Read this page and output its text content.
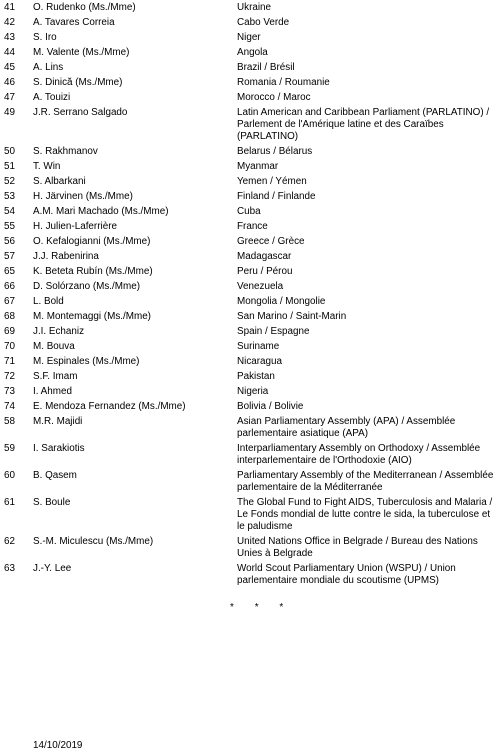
41	O. Rudenko (Ms./Mme)	Ukraine
42	A. Tavares Correia	Cabo Verde
43	S. Iro	Niger
44	M. Valente (Ms./Mme)	Angola
45	A. Lins	Brazil / Brésil
46	S. Dinică (Ms./Mme)	Romania / Roumanie
47	A. Touizi	Morocco / Maroc
49	J.R. Serrano Salgado	Latin American and Caribbean Parliament (PARLATINO) / Parlement de l'Amérique latine et des Caraïbes (PARLATINO)
50	S. Rakhmanov	Belarus / Bélarus
51	T. Win	Myanmar
52	S. Albarkani	Yemen / Yémen
53	H. Järvinen (Ms./Mme)	Finland / Finlande
54	A.M. Mari Machado (Ms./Mme)	Cuba
55	H. Julien-Laferrière	France
56	O. Kefalogianni (Ms./Mme)	Greece / Grèce
57	J.J. Rabenirina	Madagascar
65	K. Beteta Rubín (Ms./Mme)	Peru / Pérou
66	D. Solórzano (Ms./Mme)	Venezuela
67	L. Bold	Mongolia / Mongolie
68	M. Montemaggi (Ms./Mme)	San Marino / Saint-Marin
69	J.I. Echaniz	Spain / Espagne
70	M. Bouva	Suriname
71	M. Espinales (Ms./Mme)	Nicaragua
72	S.F. Imam	Pakistan
73	I. Ahmed	Nigeria
74	E. Mendoza Fernandez (Ms./Mme)	Bolivia / Bolivie
58	M.R. Majidi	Asian Parliamentary Assembly (APA) / Assemblée parlementaire asiatique (APA)
59	I. Sarakiotis	Interparliamentary Assembly on Orthodoxy / Assemblée interparlementaire de l'Orthodoxie (AIO)
60	B. Qasem	Parliamentary Assembly of the Mediterranean / Assemblée parlementaire de la Méditerranée
61	S. Boule	The Global Fund to Fight AIDS, Tuberculosis and Malaria / Le Fonds mondial de lutte contre le sida, la tuberculose et le paludisme
62	S.-M. Miculescu (Ms./Mme)	United Nations Office in Belgrade / Bureau des Nations Unies à Belgrade
63	J.-Y. Lee	World Scout Parliamentary Union (WSPU) / Union parlementaire mondiale du scoutisme (UPMS)
* * *
14/10/2019
